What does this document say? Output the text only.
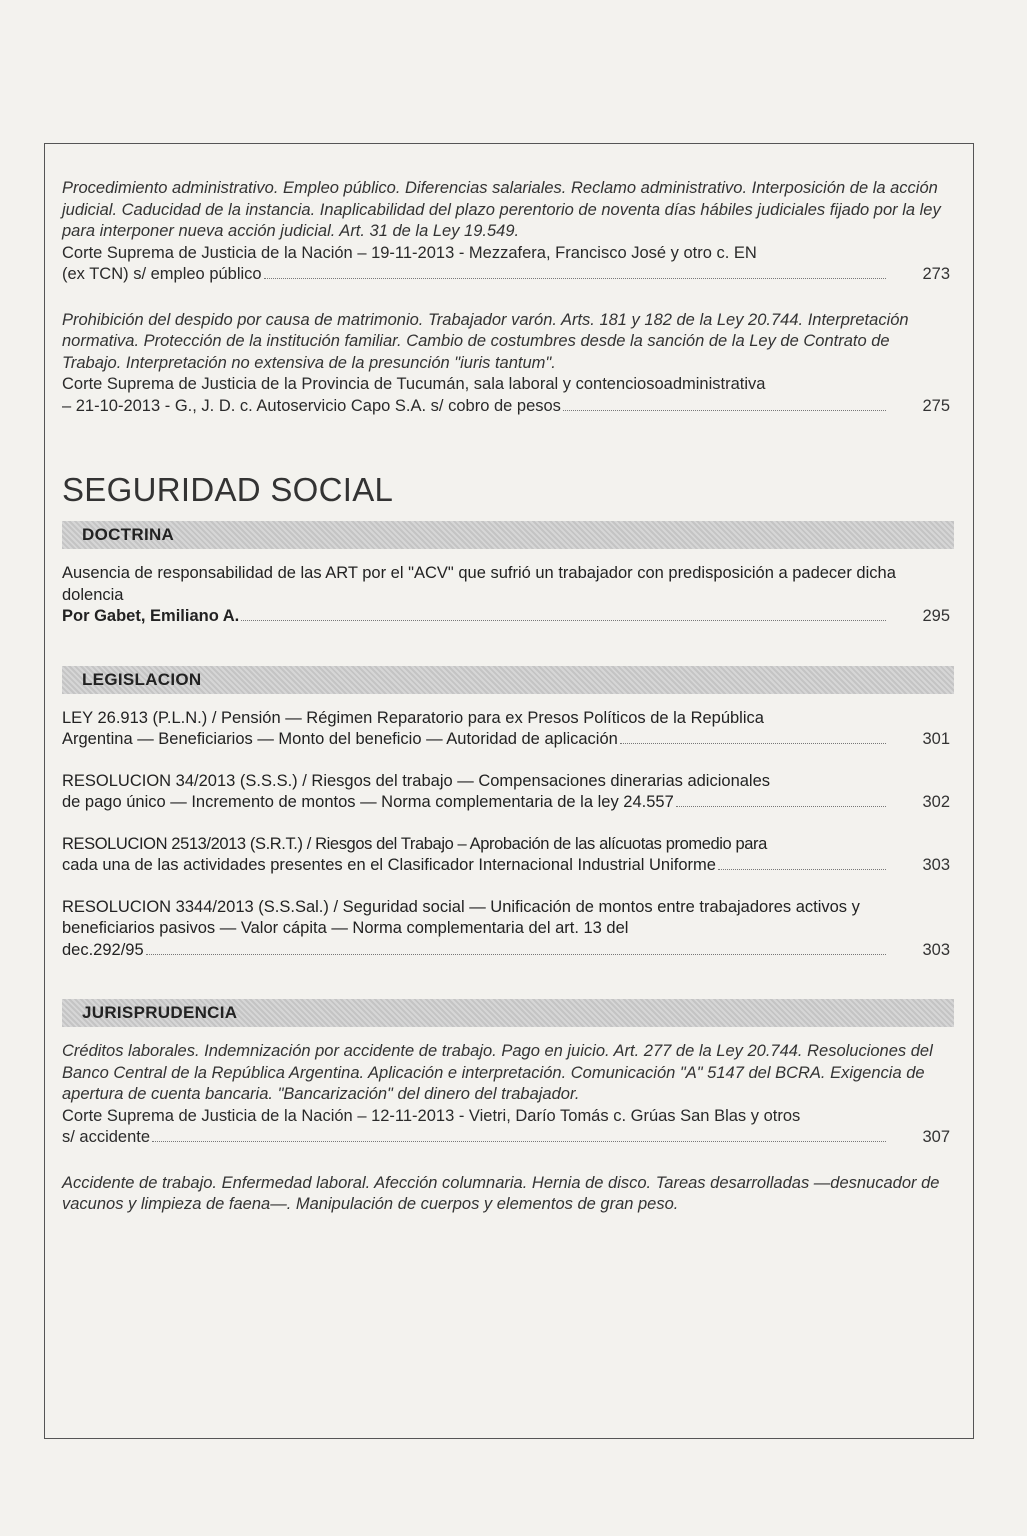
Procedimiento administrativo. Empleo público. Diferencias salariales. Reclamo administrativo. Interposición de la acción judicial. Caducidad de la instancia. Inaplicabilidad del plazo perentorio de noventa días hábiles judiciales fijado por la ley para interponer nueva acción judicial. Art. 31 de la Ley 19.549.
Corte Suprema de Justicia de la Nación – 19-11-2013 - Mezzafera, Francisco José y otro c. EN
(ex TCN) s/ empleo público	273
Prohibición del despido por causa de matrimonio. Trabajador varón. Arts. 181 y 182 de la Ley 20.744. Interpretación normativa. Protección de la institución familiar. Cambio de costumbres desde la sanción de la Ley de Contrato de Trabajo. Interpretación no extensiva de la presunción "iuris tantum".
Corte Suprema de Justicia de la Provincia de Tucumán, sala laboral y contenciosoadministrativa
– 21-10-2013 - G., J. D. c. Autoservicio Capo S.A. s/ cobro de pesos	275
SEGURIDAD SOCIAL
DOCTRINA
Ausencia de responsabilidad de las ART por el "ACV" que sufrió un trabajador con predisposición a padecer dicha dolencia
Por Gabet, Emiliano A.	295
LEGISLACION
LEY 26.913 (P.L.N.) / Pensión — Régimen Reparatorio para ex Presos Políticos de la República
Argentina — Beneficiarios — Monto del beneficio — Autoridad de aplicación	301
RESOLUCION 34/2013 (S.S.S.) / Riesgos del trabajo — Compensaciones dinerarias adicionales
de pago único — Incremento de montos — Norma complementaria de la ley 24.557	302
RESOLUCION 2513/2013 (S.R.T.) / Riesgos del Trabajo – Aprobación de las alícuotas promedio para
cada una de las actividades presentes en el Clasificador Internacional Industrial Uniforme	303
RESOLUCION 3344/2013 (S.S.Sal.) / Seguridad social — Unificación de montos entre trabajadores activos y beneficiarios pasivos — Valor cápita — Norma complementaria del art. 13 del
dec.292/95	303
JURISPRUDENCIA
Créditos laborales. Indemnización por accidente de trabajo. Pago en juicio. Art. 277 de la Ley 20.744. Resoluciones del Banco Central de la República Argentina. Aplicación e interpretación. Comunicación "A" 5147 del BCRA. Exigencia de apertura de cuenta bancaria. "Bancarización" del dinero del trabajador.
Corte Suprema de Justicia de la Nación – 12-11-2013 - Vietri, Darío Tomás c. Grúas San Blas y otros
s/ accidente	307
Accidente de trabajo. Enfermedad laboral. Afección columnaria. Hernia de disco. Tareas desarrolladas —desnucador de vacunos y limpieza de faena—. Manipulación de cuerpos y elementos de gran peso.
